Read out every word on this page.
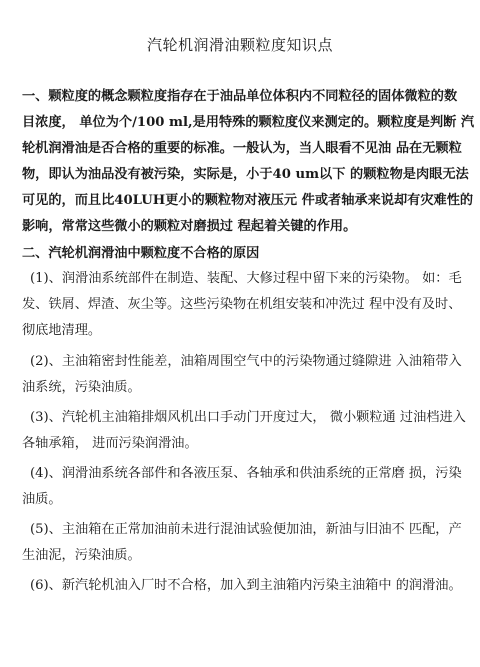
汽轮机润滑油颗粒度知识点
一、颗粒度的概念颗粒度指存在于油品单位体积内不同粒径的固体微粒的数
目浓度， 单位为个/100 ml,是用特殊的颗粒度仪来测定的。颗粒度是判断 汽
轮机润滑油是否合格的重要的标准。一般认为，当人眼看不见油 品在无颗粒
物，即认为油品没有被污染，实际是，小于40 um以下 的颗粒物是肉眼无法
可见的，而且比40LUH更小的颗粒物对液压元 件或者轴承来说却有灾难性的
影响，常常这些微小的颗粒对磨损过 程起着关键的作用。
二、汽轮机润滑油中颗粒度不合格的原因
(1)、润滑油系统部件在制造、装配、大修过程中留下来的污染物。 如：毛
发、铁屑、焊渣、灰尘等。这些污染物在机组安装和冲洗过 程中没有及时、
彻底地清理。
(2)、主油箱密封性能差，油箱周围空气中的污染物通过缝隙进 入油箱带入
油系统，污染油质。
(3)、汽轮机主油箱排烟风机出口手动门开度过大， 微小颗粒通 过油档进入
各轴承箱， 进而污染润滑油。
(4)、润滑油系统各部件和各液压泵、各轴承和供油系统的正常磨 损，污染
油质。
(5)、主油箱在正常加油前未进行混油试验便加油，新油与旧油不 匹配，产
生油泥，污染油质。
(6)、新汽轮机油入厂时不合格，加入到主油箱内污染主油箱中 的润滑油。
